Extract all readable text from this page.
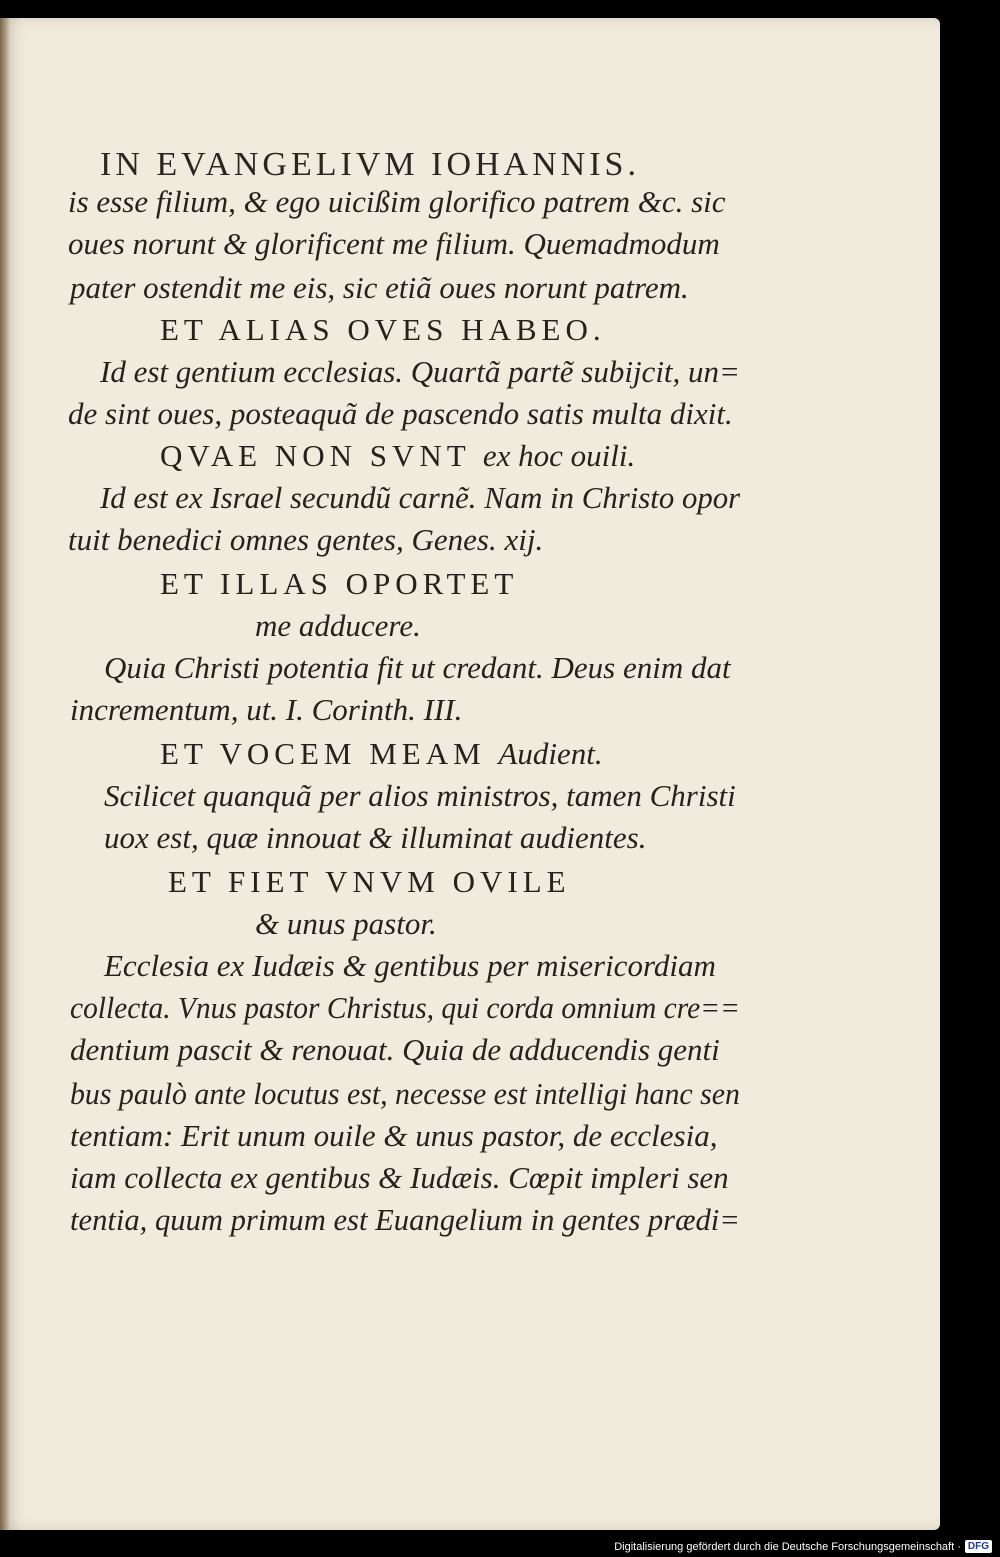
IN EVANGELIVM IOHANNIS.
is esse filium, & ego uicißim glorifico patrem &c. sic
oues norunt & glorificent me filium. Quemadmodum
pater ostendit me eis, sic etiã oues norunt patrem.
ET ALIAS OVES HABEO.
Id est gentium ecclesias. Quartã partẽ subijcit, un=
de sint oues, posteaquã de pascendo satis multa dixit.
QVAE NON SVNT ex hoc ouili.
Id est ex Israel secundũ carnẽ. Nam in Christo opor
tuit benedici omnes gentes, Genes. xij.
ET ILLAS OPORTET
me adducere.
Quia Christi potentia fit ut credant. Deus enim dat
incrementum, ut. I. Corinth. III.
ET VOCEM MEAM Audient.
Scilicet quanquã per alios ministros, tamen Christi
uox est, quæ innouat & illuminat audientes.
ET FIET VNVM OVILE
& unus pastor.
Ecclesia ex Iudæis & gentibus per misericordiam
collecta. Vnus pastor Christus, qui corda omnium cre==
dentium pascit & renouat. Quia de adducendis genti
bus paulò ante locutus est, necesse est intelligi hanc sen
tentiam: Erit unum ouile & unus pastor, de ecclesia,
iam collecta ex gentibus & Iudæis. Cœpit impleri sen
tentia, quum primum est Euangelium in gentes prædi=
Digitalisierung gefördert durch die Deutsche Forschungsgemeinschaft · DFG
